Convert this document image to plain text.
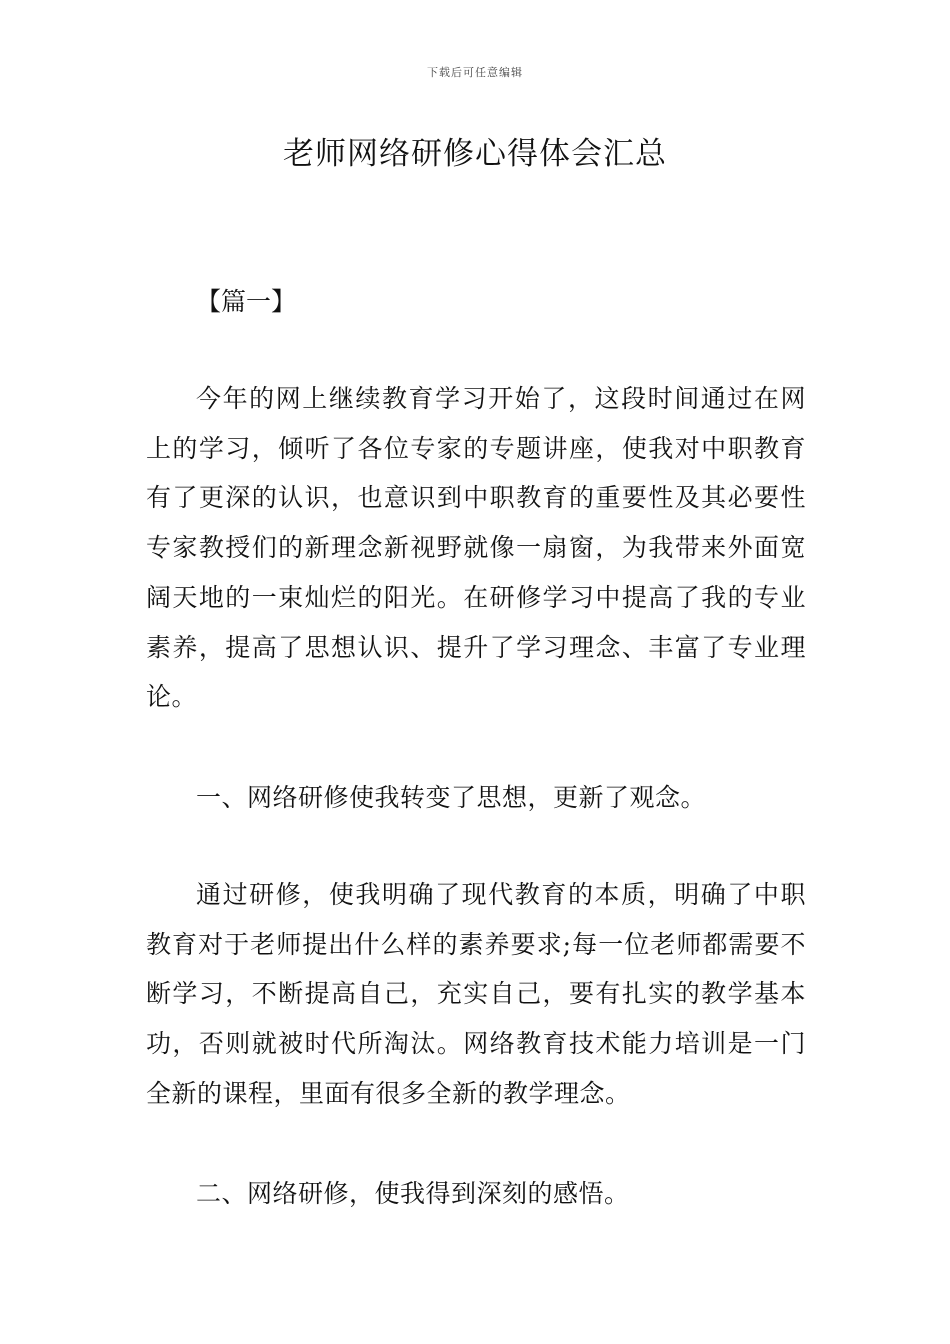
下载后可任意编辑
老师网络研修心得体会汇总

【篇一】

今年的网上继续教育学习开始了，这段时间通过在网上的学习，倾听了各位专家的专题讲座，使我对中职教育有了更深的认识，也意识到中职教育的重要性及其必要性专家教授们的新理念新视野就像一扇窗，为我带来外面宽阔天地的一束灿烂的阳光。在研修学习中提高了我的专业素养，提高了思想认识、提升了学习理念、丰富了专业理论。

一、网络研修使我转变了思想，更新了观念。

通过研修，使我明确了现代教育的本质，明确了中职教育对于老师提出什么样的素养要求;每一位老师都需要不断学习，不断提高自己，充实自己，要有扎实的教学基本功，否则就被时代所淘汰。网络教育技术能力培训是一门全新的课程，里面有很多全新的教学理念。

二、网络研修，使我得到深刻的感悟。
